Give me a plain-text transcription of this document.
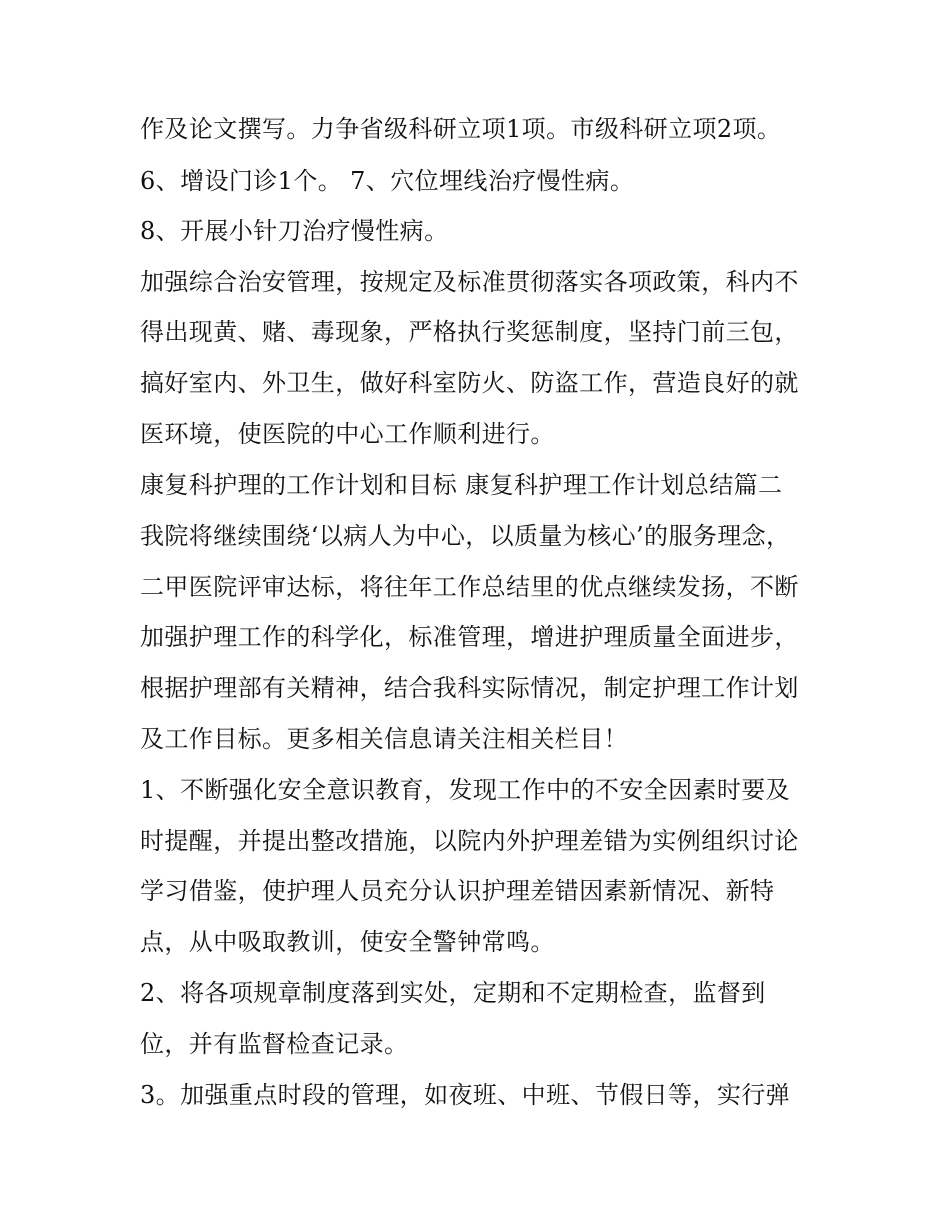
作及论文撰写。力争省级科研立项1项。市级科研立项2项。
6、增设门诊1个。 7、穴位埋线治疗慢性病。
8、开展小针刀治疗慢性病。
加强综合治安管理，按规定及标准贯彻落实各项政策，科内不
得出现黄、赌、毒现象，严格执行奖惩制度，坚持门前三包，
搞好室内、外卫生，做好科室防火、防盗工作，营造良好的就
医环境，使医院的中心工作顺利进行。
康复科护理的工作计划和目标 康复科护理工作计划总结篇二
我院将继续围绕‘以病人为中心，以质量为核心’的服务理念，
二甲医院评审达标，将往年工作总结里的优点继续发扬，不断
加强护理工作的科学化，标准管理，增进护理质量全面进步，
根据护理部有关精神，结合我科实际情况，制定护理工作计划
及工作目标。更多相关信息请关注相关栏目！
1、不断强化安全意识教育，发现工作中的不安全因素时要及
时提醒，并提出整改措施，以院内外护理差错为实例组织讨论
学习借鉴，使护理人员充分认识护理差错因素新情况、新特
点，从中吸取教训，使安全警钟常鸣。
2、将各项规章制度落到实处，定期和不定期检查，监督到
位，并有监督检查记录。
3。加强重点时段的管理，如夜班、中班、节假日等，实行弹
